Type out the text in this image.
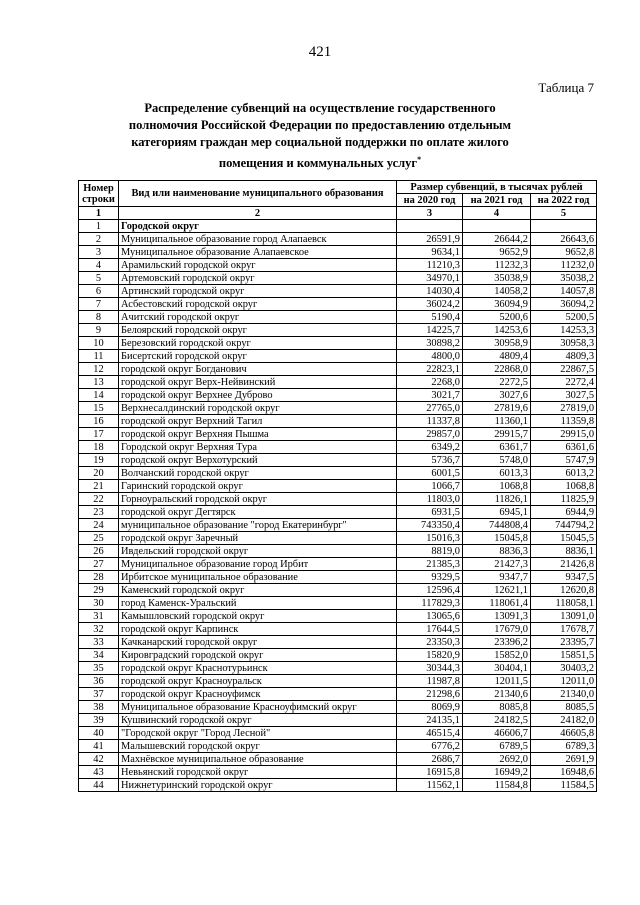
421
Таблица 7
Распределение субвенций на осуществление государственного полномочия Российской Федерации по предоставлению отдельным категориям граждан мер социальной поддержки по оплате жилого помещения и коммунальных услуг*
Номер строки	Вид или наименование муниципального образования	Размер субвенций, в тысячах рублей		
		на 2020 год	на 2021 год	на 2022 год
1	2	3	4	5
1	Городской округ			
2	Муниципальное образование город Алапаевск	26591,9	26644,2	26643,6
3	Муниципальное образование Алапаевское	9634,1	9652,9	9652,8
4	Арамильский городской округ	11210,3	11232,3	11232,0
5	Артемовский городской округ	34970,1	35038,9	35038,2
6	Артинский городской округ	14030,4	14058,2	14057,8
7	Асбестовский городской округ	36024,2	36094,9	36094,2
8	Ачитский городской округ	5190,4	5200,6	5200,5
9	Белоярский городской округ	14225,7	14253,6	14253,3
10	Березовский городской округ	30898,2	30958,9	30958,3
11	Бисертский городской округ	4800,0	4809,4	4809,3
12	городской округ Богданович	22823,1	22868,0	22867,5
13	городской округ Верх-Нейвинский	2268,0	2272,5	2272,4
14	городской округ Верхнее Дуброво	3021,7	3027,6	3027,5
15	Верхнесалдинский городской округ	27765,0	27819,6	27819,0
16	городской округ Верхний Тагил	11337,8	11360,1	11359,8
17	городской округ Верхняя Пышма	29857,0	29915,7	29915,0
18	Городской округ Верхняя Тура	6349,2	6361,7	6361,6
19	городской округ Верхотурский	5736,7	5748,0	5747,9
20	Волчанский городской округ	6001,5	6013,3	6013,2
21	Гаринский городской округ	1066,7	1068,8	1068,8
22	Горноуральский городской округ	11803,0	11826,1	11825,9
23	городской округ Дегтярск	6931,5	6945,1	6944,9
24	муниципальное образование "город Екатеринбург"	743350,4	744808,4	744794,2
25	городской округ Заречный	15016,3	15045,8	15045,5
26	Ивдельский городской округ	8819,0	8836,3	8836,1
27	Муниципальное образование город Ирбит	21385,3	21427,3	21426,8
28	Ирбитское муниципальное образование	9329,5	9347,7	9347,5
29	Каменский городской округ	12596,4	12621,1	12620,8
30	город Каменск-Уральский	117829,3	118061,4	118058,1
31	Камышловский городской округ	13065,6	13091,3	13091,0
32	городской округ Карпинск	17644,5	17679,0	17678,7
33	Качканарский городской округ	23350,3	23396,2	23395,7
34	Кировградский городской округ	15820,9	15852,0	15851,5
35	городской округ Краснотурьинск	30344,3	30404,1	30403,2
36	городской округ Красноуральск	11987,8	12011,5	12011,0
37	городской округ Красноуфимск	21298,6	21340,6	21340,0
38	Муниципальное образование Красноуфимский округ	8069,9	8085,8	8085,5
39	Кушвинский городской округ	24135,1	24182,5	24182,0
40	"Городской округ "Город Лесной"	46515,4	46606,7	46605,8
41	Малышевский городской округ	6776,2	6789,5	6789,3
42	Махнёвское муниципальное образование	2686,7	2692,0	2691,9
43	Невьянский городской округ	16915,8	16949,2	16948,6
44	Нижнетуринский городской округ	11562,1	11584,8	11584,5
